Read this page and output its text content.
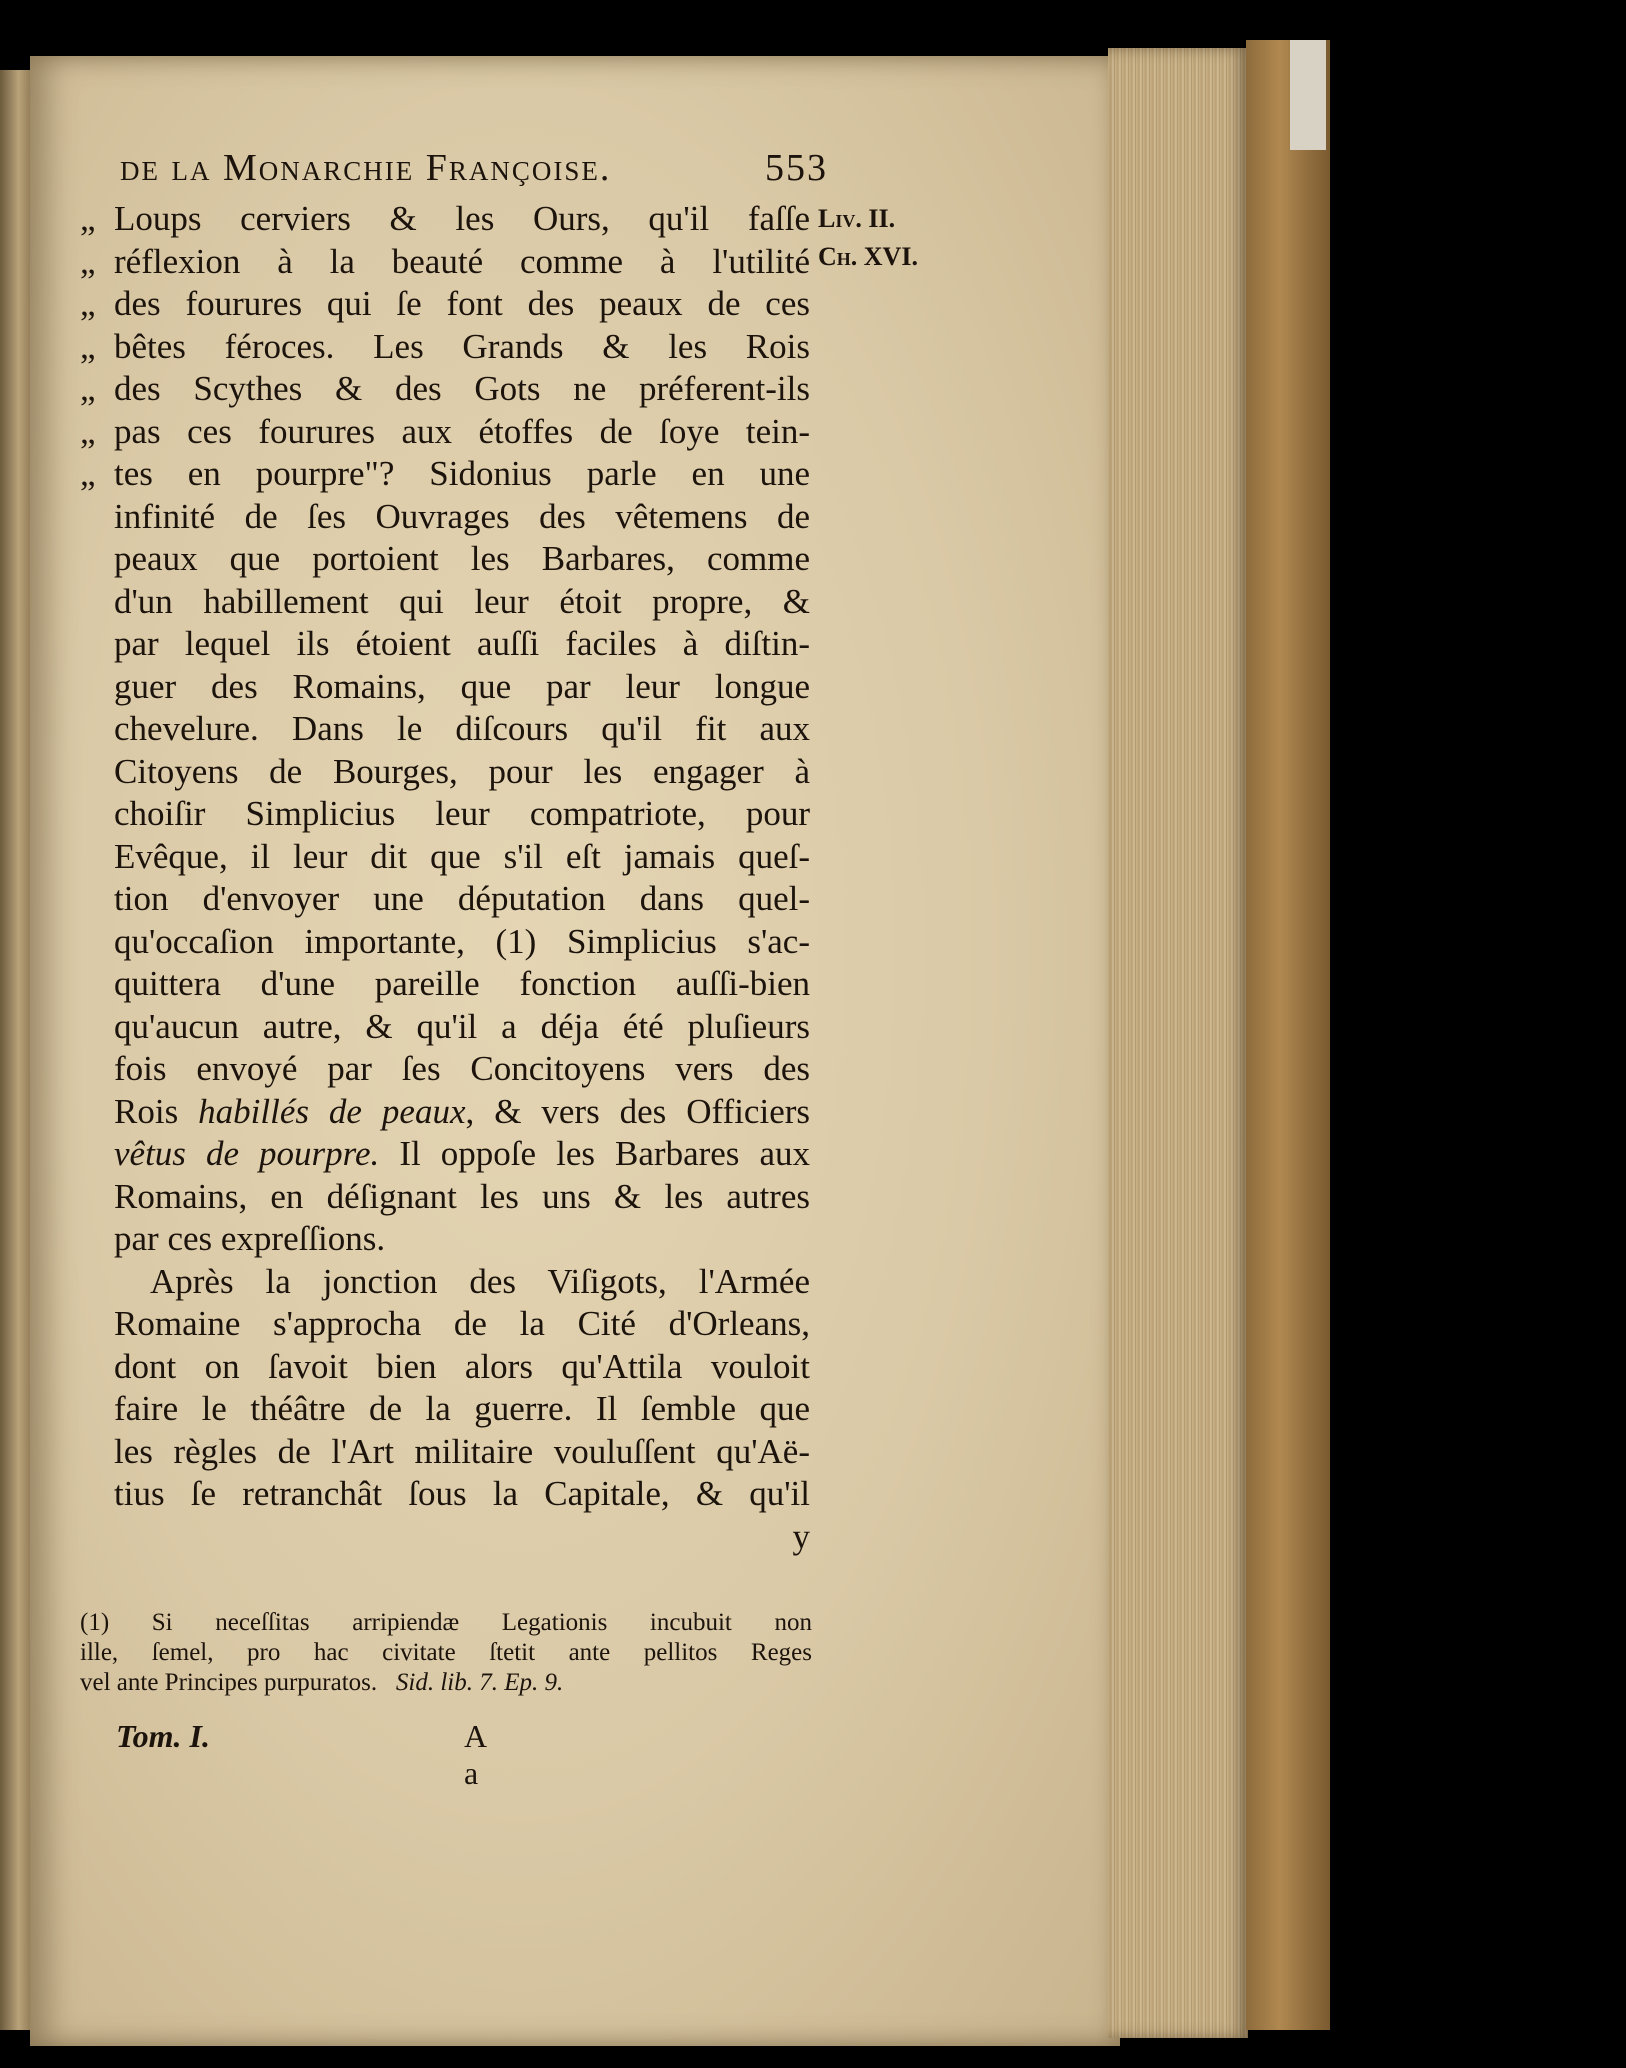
de la Monarchie Françoise.	553
Liv. II.
Ch. XVI.
„ Loups cerviers & les Ours, qu'il faſſe
„ réflexion à la beauté comme à l'utilité
„ des fourures qui ſe font des peaux de ces
„ bêtes féroces. Les Grands & les Rois
„ des Scythes & des Gots ne préferent-ils
„ pas ces fourures aux étoffes de ſoye tein-
„ tes en pourpre"? Sidonius parle en une
infinité de ſes Ouvrages des vêtemens de
peaux que portoient les Barbares, comme
d'un habillement qui leur étoit propre, &
par lequel ils étoient auſſi faciles à diſtin-
guer des Romains, que par leur longue
chevelure. Dans le diſcours qu'il fit aux
Citoyens de Bourges, pour les engager à
choiſir Simplicius leur compatriote, pour
Evêque, il leur dit que s'il eſt jamais queſ-
tion d'envoyer une députation dans quel-
qu'occaſion importante, (1) Simplicius s'ac-
quittera d'une pareille fonction auſſi-bien
qu'aucun autre, & qu'il a déja été pluſieurs
fois envoyé par ſes Concitoyens vers des
Rois habillés de peaux, & vers des Officiers
vêtus de pourpre. Il oppoſe les Barbares aux
Romains, en déſignant les uns & les autres
par ces expreſſions.
Après la jonction des Viſigots, l'Armée
Romaine s'approcha de la Cité d'Orleans,
dont on ſavoit bien alors qu'Attila vouloit
faire le théâtre de la guerre. Il ſemble que
les règles de l'Art militaire vouluſſent qu'Aë-
tius ſe retranchât ſous la Capitale, & qu'il
y
(1) Si neceſſitas arripiendæ Legationis incubuit non
ille, ſemel, pro hac civitate ſtetit ante pellitos Reges
vel ante Principes purpuratos. Sid. lib. 7. Ep. 9.
Tom. I.	A a
